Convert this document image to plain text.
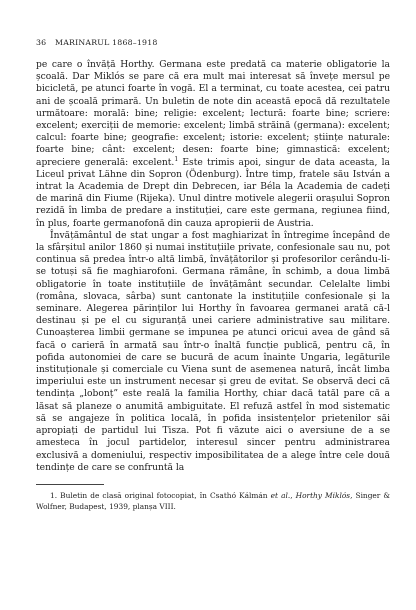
36 MARINARUL 1868–1918

pe care o învăță Horthy. Germana este predată ca materie obligatorie la școală. Dar Miklós se pare că era mult mai interesat să învețe mersul pe bicicletă, pe atunci foarte în vogă. El a terminat, cu toate acestea, cei patru ani de școală primară. Un buletin de note din această epocă dă rezultatele următoare: morală: bine; religie: excelent; lectură: foarte bine; scriere: excelent; exerciții de memorie: excelent; limbă străină (germana): excelent; calcul: foarte bine; geografie: excelent; istorie: excelent; științe naturale: foarte bine; cânt: excelent; desen: foarte bine; gimnastică: excelent; apreciere generală: excelent.$^1$ Este trimis apoi, singur de data aceasta, la Liceul privat Lähne din Sopron (Ödenburg). Între timp, fratele său István a intrat la Academia de Drept din Debrecen, iar Béla la Academia de cadeți de marină din Fiume (Rijeka). Unul dintre motivele alegerii orașului Sopron rezidă în limba de predare a instituției, care este germana, regiunea fiind, în plus, foarte germanofonă din cauza apropierii de Austria.

Învățământul de stat ungar a fost maghiarizat în întregime începând de la sfârșitul anilor 1860 și numai instituțiile private, confesionale sau nu, pot continua să predea într-o altă limbă, învățătorilor și profesorilor cerându-li-se totuși să fie maghiarofoni. Germana rămâne, în schimb, a doua limbă obligatorie în toate instituțiile de învățământ secundar. Celelalte limbi (româna, slovaca, sârba) sunt cantonate la instituțiile confesionale și la seminare. Alegerea părinților lui Horthy în favoarea germanei arată că-l destinau și pe el cu siguranță unei cariere administrative sau militare. Cunoașterea limbii germane se impunea pe atunci oricui avea de gând să facă o carieră în armată sau într-o înaltă funcție publică, pentru că, în pofida autonomiei de care se bucură de acum înainte Ungaria, legăturile instituționale și comerciale cu Viena sunt de asemenea natură, încât limba imperiului este un instrument necesar și greu de evitat. Se observă deci că tendința „lobonț” este reală la familia Horthy, chiar dacă tatăl pare că a lăsat să planeze o anumită ambiguitate. El refuză astfel în mod sistematic să se angajeze în politica locală, în pofida insistențelor prietenilor săi apropiați de partidul lui Tisza. Pot fi văzute aici o aversiune de a se amesteca în jocul partidelor, interesul sincer pentru administrarea exclusivă a domeniului, respectiv imposibilitatea de a alege între cele două tendințe de care se confruntă la

1. Buletin de clasă original fotocopiat, în Csathó Kálmán et al., Horthy Miklós, Singer & Wolfner, Budapest, 1939, planșa VIII.
